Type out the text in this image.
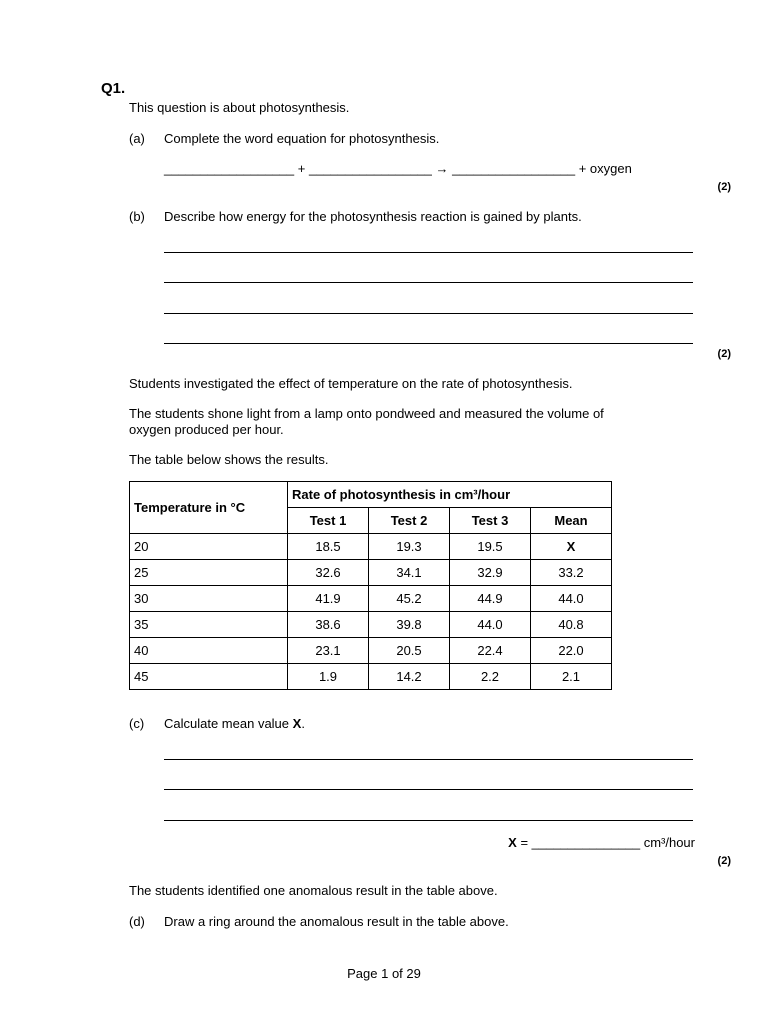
Q1.
This question is about photosynthesis.
(a) Complete the word equation for photosynthesis.
__________________ + _________________ → _________________ + oxygen
(2)
(b) Describe how energy for the photosynthesis reaction is gained by plants.
(2)
Students investigated the effect of temperature on the rate of photosynthesis.
The students shone light from a lamp onto pondweed and measured the volume of
oxygen produced per hour.
The table below shows the results.
Temperature in °C	Rate of photosynthesis in cm³/hour			
	Test 1	Test 2	Test 3	Mean
20	18.5	19.3	19.5	X
25	32.6	34.1	32.9	33.2
30	41.9	45.2	44.9	44.0
35	38.6	39.8	44.0	40.8
40	23.1	20.5	22.4	22.0
45	1.9	14.2	2.2	2.1
(c) Calculate mean value X.
X = _______________ cm³/hour
(2)
The students identified one anomalous result in the table above.
(d) Draw a ring around the anomalous result in the table above.
Page 1 of 29
